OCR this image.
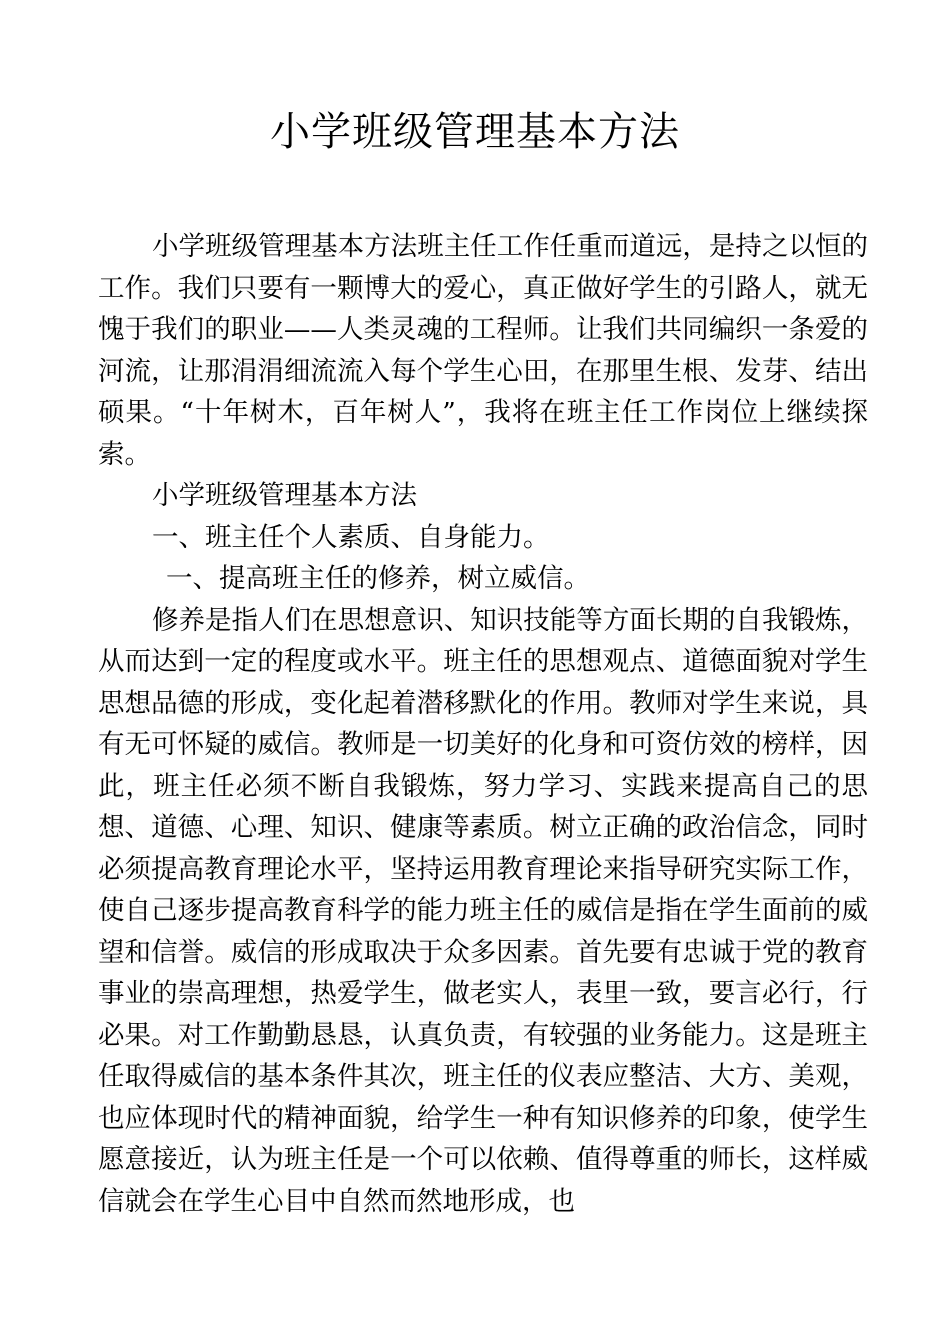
小学班级管理基本方法

小学班级管理基本方法班主任工作任重而道远，是持之以恒的工作。我们只要有一颗博大的爱心，真正做好学生的引路人，就无愧于我们的职业——人类灵魂的工程师。让我们共同编织一条爱的河流，让那涓涓细流流入每个学生心田，在那里生根、发芽、结出硕果。“十年树木，百年树人”，我将在班主任工作岗位上继续探索。

小学班级管理基本方法

一、班主任个人素质、自身能力。

一、提高班主任的修养，树立威信。

修养是指人们在思想意识、知识技能等方面长期的自我锻炼，从而达到一定的程度或水平。班主任的思想观点、道德面貌对学生思想品德的形成，变化起着潜移默化的作用。教师对学生来说，具有无可怀疑的威信。教师是一切美好的化身和可资仿效的榜样，因此，班主任必须不断自我锻炼，努力学习、实践来提高自己的思想、道德、心理、知识、健康等素质。树立正确的政治信念，同时必须提高教育理论水平，坚持运用教育理论来指导研究实际工作，使自己逐步提高教育科学的能力班主任的威信是指在学生面前的威望和信誉。威信的形成取决于众多因素。首先要有忠诚于党的教育事业的崇高理想，热爱学生，做老实人，表里一致，要言必行，行必果。对工作勤勤恳恳，认真负责，有较强的业务能力。这是班主任取得威信的基本条件其次，班主任的仪表应整洁、大方、美观，也应体现时代的精神面貌，给学生一种有知识修养的印象，使学生愿意接近，认为班主任是一个可以依赖、值得尊重的师长，这样威信就会在学生心目中自然而然地形成，也
